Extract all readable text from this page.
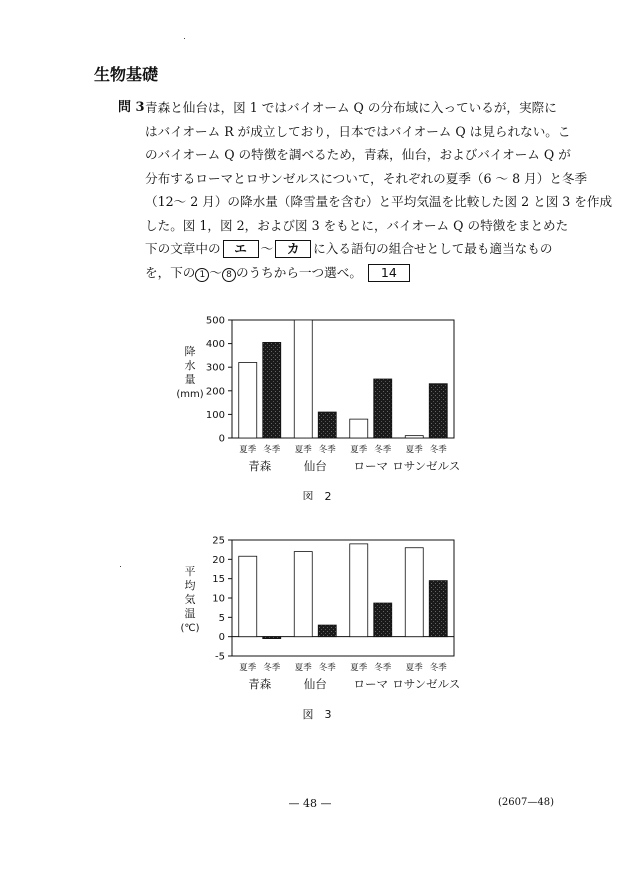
生物基礎
問 3 青森と仙台は，図 1 ではバイオーム Q の分布域に入っているが，実際に
はバイオーム R が成立しており，日本ではバイオーム Q は見られない。こ
のバイオーム Q の特徴を調べるため，青森，仙台，およびバイオーム Q が
分布するローマとロサンゼルスについて，それぞれの夏季（6 ～ 8 月）と冬季
（12～ 2 月）の降水量（降雪量を含む）と平均気温を比較した図 2 と図 3 を作成
した。図 1，図 2，および図 3 をもとに，バイオーム Q の特徴をまとめた
下の文章中の エ ～ カ に入る語句の組合せとして最も適当なもの
を，下の 1 ～ 8 のうちから一つ選べ。 14
0
100
200
300
400
500
降
水
量
(mm)
夏季 冬季
青森
夏季 冬季
仙台
夏季 冬季
ローマ
夏季 冬季
ロサンゼルス
図　2
-5
0
5
10
15
20
25
平
均
気
温
(℃)
夏季 冬季
青森
夏季 冬季
仙台
夏季 冬季
ローマ
夏季 冬季
ロサンゼルス
図　3
— 48 —	(2607—48)
